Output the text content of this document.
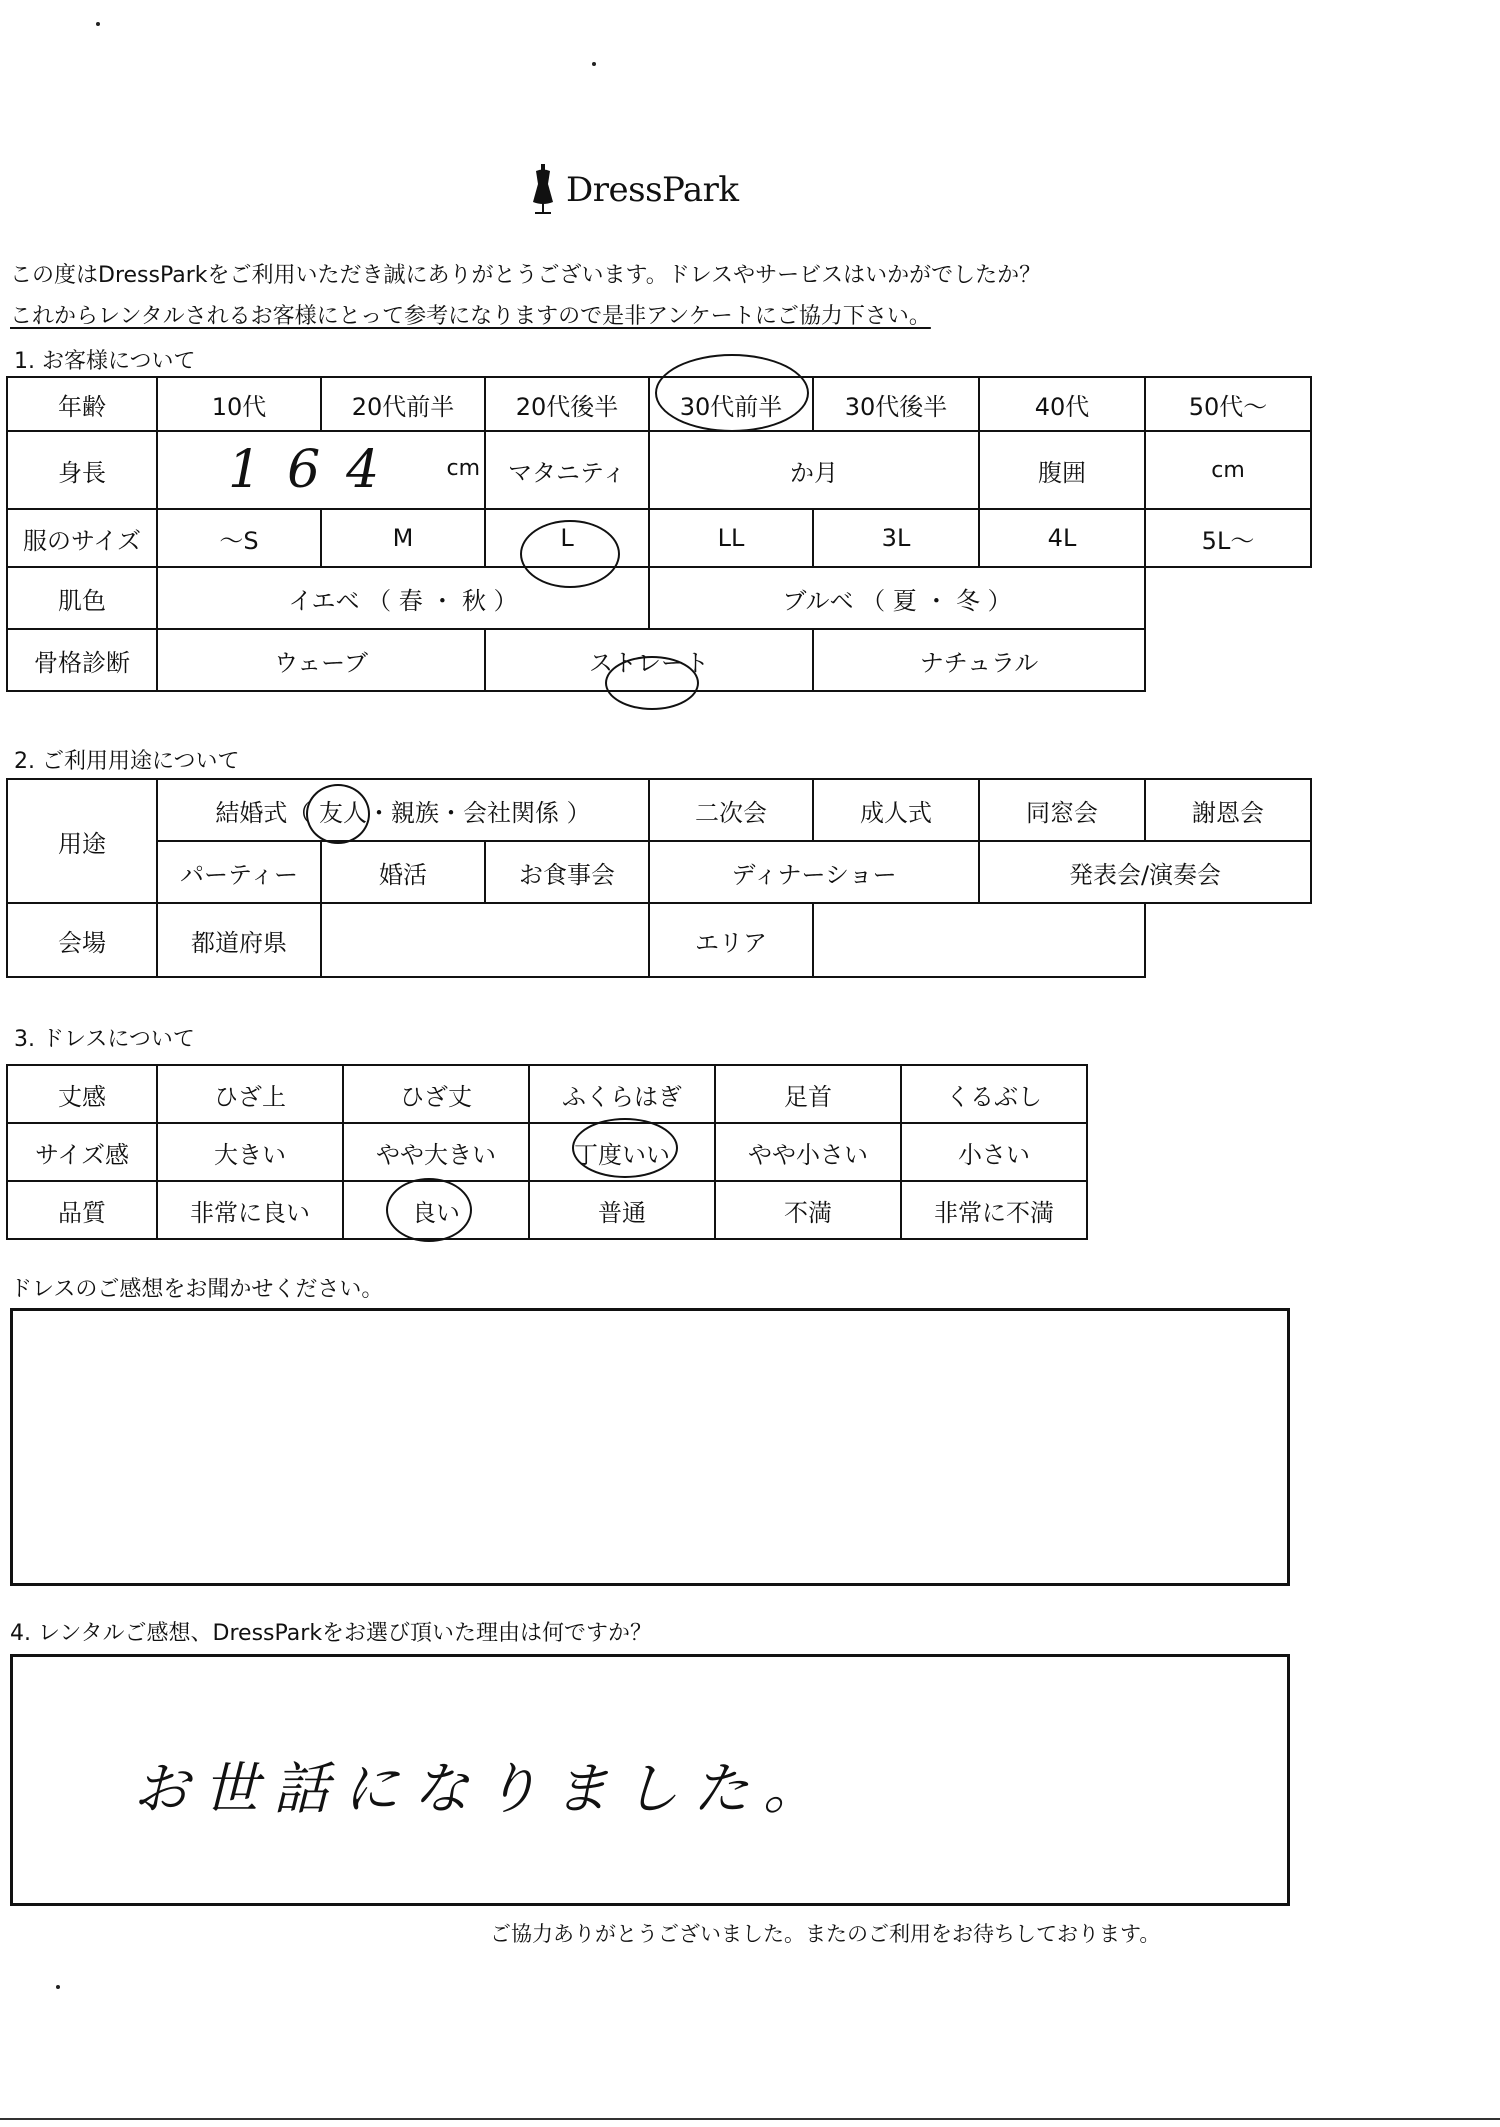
DressPark
この度はDressParkをご利用いただき誠にありがとうございます。ドレスやサービスはいかがでしたか？
これからレンタルされるお客様にとって参考になりますので是非アンケートにご協力下さい。
1. お客様について
年齢	10代	20代前半	20代後半	30代前半	30代後半	40代	50代〜
身長	164 cm		マタニティ	か月		腹囲	cm
服のサイズ	〜S	M	L	LL	3L	4L	5L〜
肌色	イエベ （ 春 ・ 秋 ）			ブルベ （ 夏 ・ 冬 ）			
骨格診断	ウェーブ		ストレート		ナチュラル		
2. ご利用用途について
用途	結婚式（ 友人・親族・会社関係 ）			二次会	成人式	同窓会	謝恩会
	パーティー	婚活	お食事会	ディナーショー		発表会/演奏会	
会場	都道府県			エリア			
3. ドレスについて
丈感	ひざ上	ひざ丈	ふくらはぎ	足首	くるぶし
サイズ感	大きい	やや大きい	丁度いい	やや小さい	小さい
品質	非常に良い	良い	普通	不満	非常に不満
ドレスのご感想をお聞かせください。
4. レンタルご感想、DressParkをお選び頂いた理由は何ですか？
お世話になりました。
ご協力ありがとうございました。またのご利用をお待ちしております。
